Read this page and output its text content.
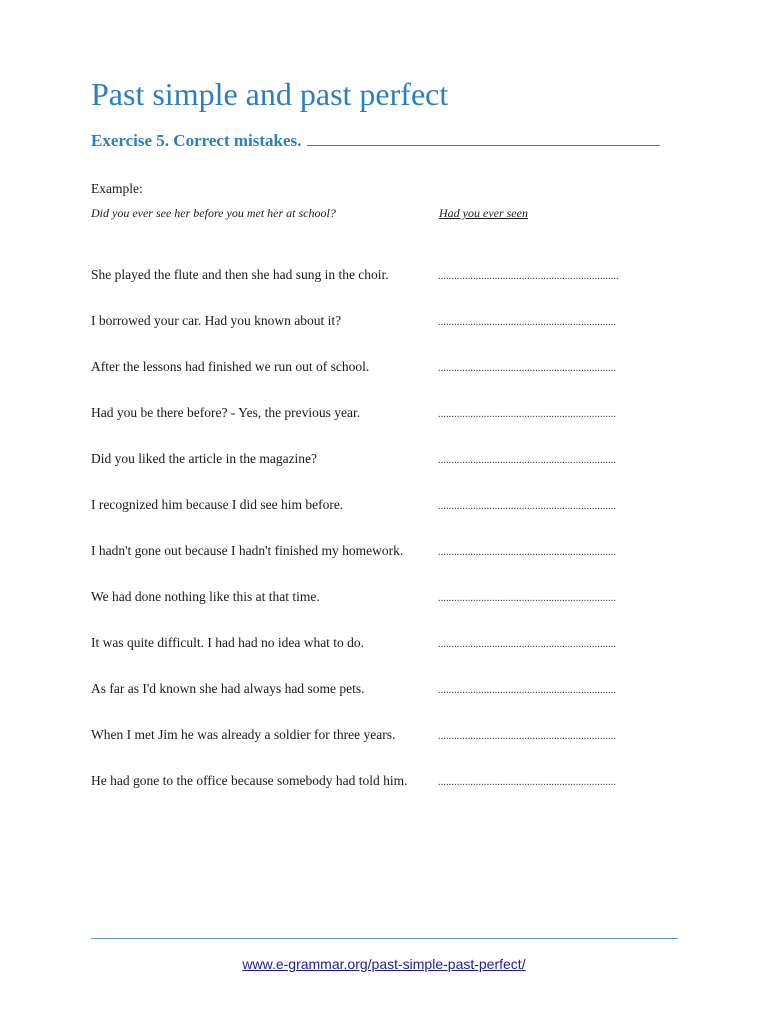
Past simple and past perfect
Exercise 5. Correct mistakes.
Example:
Did you ever see her before you met her at school?	Had you ever seen
She played the flute and then she had sung in the choir.	...................................................................
I borrowed your car. Had you known about it?	..................................................................
After the lessons had finished we run out of school.	..................................................................
Had you be there before? - Yes, the previous year.	..................................................................
Did you liked the article in the magazine?	..................................................................
I recognized him because I did see him before.	..................................................................
I hadn't gone out because I hadn't finished my homework.	..................................................................
We had done nothing like this at that time.	..................................................................
It was quite difficult. I had had no idea what to do.	..................................................................
As far as I'd known she had always had some pets.	..................................................................
When I met Jim he was already a soldier for three years.	..................................................................
He had gone to the office because somebody had told him.	..................................................................
www.e-grammar.org/past-simple-past-perfect/
